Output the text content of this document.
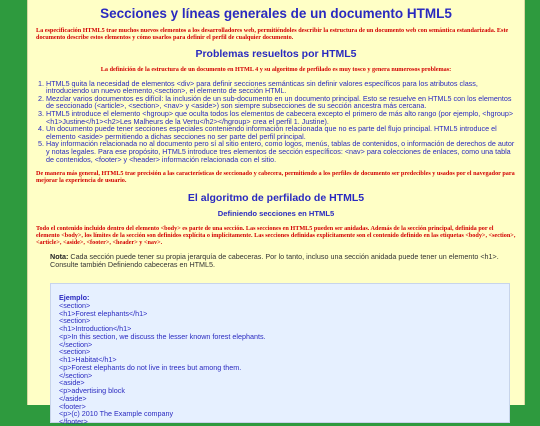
Secciones y líneas generales de un documento HTML5

La especificación HTML5 trae muchos nuevos elementos a los desarrolladores web, permitiéndoles describir la estructura de un documento web con semántica estandarizada. Este documento describe estos elementos y cómo usarlos para definir el perfil de cualquier documento.

Problemas resueltos por HTML5

La definición de la estructura de un documento en HTML 4 y su algoritmo de perfilado es muy tosco y genera numerosos problemas:

1. HTML5 quita la necesidad de elementos <div> para definir secciones semánticas sin definir valores específicos para los atributos class, introduciendo un nuevo elemento,<section>, el elemento de sección HTML.
2. Mezclar varios documentos es difícil: la inclusión de un sub-documento en un documento principal. Esto se resuelve en HTML5 con los elementos de seccionado (<article>, <section>, <nav> y <aside>) son siempre subsecciones de su sección ancestra más cercana.
3. HTML5 introduce el elemento <hgroup> que oculta todos los elementos de cabecera excepto el primero de más alto rango (por ejemplo, <hgroup><h1>Justine</h1><h2>Les Malheurs de la Vertu</h2></hgroup> crea el perfil 1. Justine).
4. Un documento puede tener secciones especiales conteniendo información relacionada que no es parte del flujo principal. HTML5 introduce el elemento <aside> permitiendo a dichas secciones no ser parte del perfil principal.
5. Hay información relacionada no al documento pero sí al sitio entero, como logos, menús, tablas de contenidos, o información de derechos de autor y notas legales. Para ese propósito, HTML5 introduce tres elementos de sección específicos: <nav> para colecciones de enlaces, como una tabla de contenidos, <footer> y <header> información relacionada con el sitio.

De manera más general, HTML5 trae precisión a las características de seccionado y cabecera, permitiendo a los perfiles de documento ser predecibles y usados por el navegador para mejorar la experiencia de usuario.

El algoritmo de perfilado de HTML5
Definiendo secciones en HTML5

Todo el contenido incluido dentro del elemento <body> es parte de una sección. Las secciones en HTML5 pueden ser anidadas. Además de la sección principal, definida por el elemento <body>, los límites de la sección son definidos explícita o implícitamente. Las secciones definidas explícitamente son el contenido definido en las etiquetas <body>, <section>, <article>, <aside>, <footer>, <header> y <nav>.

Nota: Cada sección puede tener su propia jerarquía de cabeceras. Por lo tanto, incluso una sección anidada puede tener un elemento <h1>. Consulte también Definiendo cabeceras en HTML5.

Ejemplo:
<section>
<h1>Forest elephants</h1>
<section>
<h1>Introduction</h1>
<p>In this section, we discuss the lesser known forest elephants.
</section>
<section>
<h1>Habitat</h1>
<p>Forest elephants do not live in trees but among them.
</section>
<aside>
<p>advertising block
</aside>
<footer>
<p>(c) 2010 The Example company
</footer>
